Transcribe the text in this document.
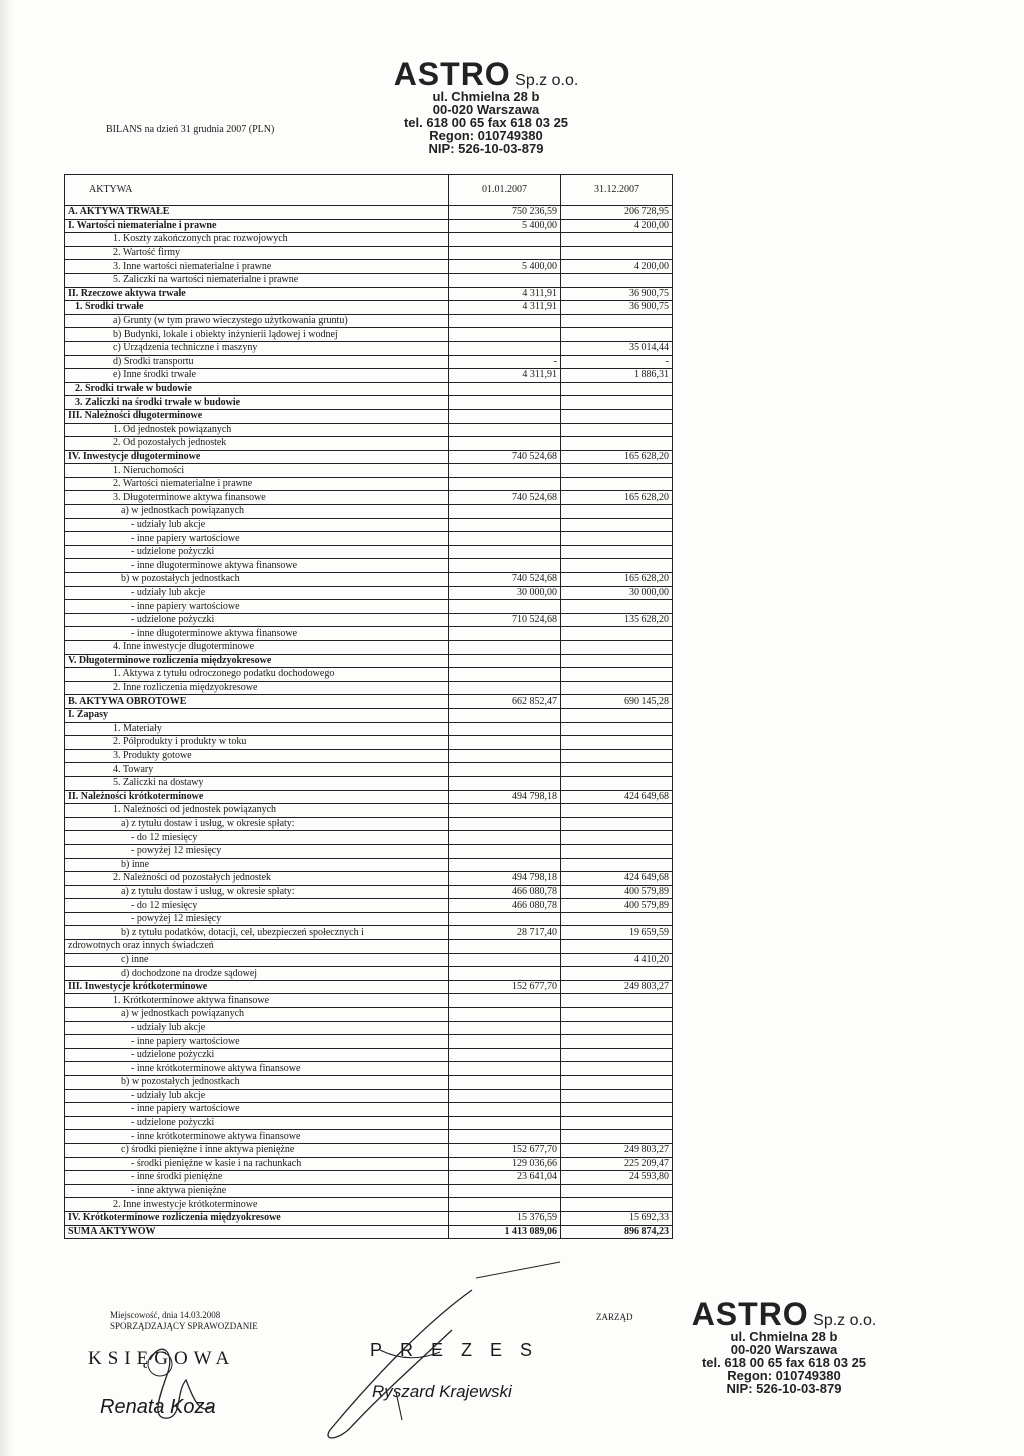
ASTRO Sp.z o.o.
ul. Chmielna 28 b
00-020 Warszawa
tel. 618 00 65 fax 618 03 25
Regon: 010749380
NIP: 526-10-03-879
BILANS na dzień 31 grudnia 2007 (PLN)
AKTYWA	01.01.2007	31.12.2007
A. AKTYWA TRWAŁE	750 236,59	206 728,95
I. Wartości niematerialne i prawne	5 400,00	4 200,00
1. Koszty zakończonych prac rozwojowych		
2. Wartość firmy		
3. Inne wartości niematerialne i prawne	5 400,00	4 200,00
5. Zaliczki na wartości niematerialne i prawne		
II. Rzeczowe aktywa trwałe	4 311,91	36 900,75
1. Środki trwałe	4 311,91	36 900,75
a) Grunty (w tym prawo wieczystego użytkowania gruntu)		
b) Budynki, lokale i obiekty inżynierii lądowej i wodnej		
c) Urządzenia techniczne i maszyny		35 014,44
d) Środki transportu	-	-
e) Inne środki trwałe	4 311,91	1 886,31
2. Środki trwałe w budowie		
3. Zaliczki na środki trwałe w budowie		
III. Należności długoterminowe		
1. Od jednostek powiązanych		
2. Od pozostałych jednostek		
IV. Inwestycje długoterminowe	740 524,68	165 628,20
1. Nieruchomości		
2. Wartości niematerialne i prawne		
3. Długoterminowe aktywa finansowe	740 524,68	165 628,20
a) w jednostkach powiązanych		
- udziały lub akcje		
- inne papiery wartościowe		
- udzielone pożyczki		
- inne długoterminowe aktywa finansowe		
b) w pozostałych jednostkach	740 524,68	165 628,20
- udziały lub akcje	30 000,00	30 000,00
- inne papiery wartościowe		
- udzielone pożyczki	710 524,68	135 628,20
- inne długoterminowe aktywa finansowe		
4. Inne inwestycje długoterminowe		
V. Długoterminowe rozliczenia międzyokresowe		
1. Aktywa z tytułu odroczonego podatku dochodowego		
2. Inne rozliczenia międzyokresowe		
B. AKTYWA OBROTOWE	662 852,47	690 145,28
I. Zapasy		
1. Materiały		
2. Półprodukty i produkty w toku		
3. Produkty gotowe		
4. Towary		
5. Zaliczki na dostawy		
II. Należności krótkoterminowe	494 798,18	424 649,68
1. Należności od jednostek powiązanych		
a) z tytułu dostaw i usług, w okresie spłaty:		
- do 12 miesięcy		
- powyżej 12 miesięcy		
b) inne		
2. Należności od pozostałych jednostek	494 798,18	424 649,68
a) z tytułu dostaw i usług, w okresie spłaty:	466 080,78	400 579,89
- do 12 miesięcy	466 080,78	400 579,89
- powyżej 12 miesięcy		
b) z tytułu podatków, dotacji, ceł, ubezpieczeń społecznych i	28 717,40	19 659,59
zdrowotnych oraz innych świadczeń		
c) inne		4 410,20
d) dochodzone na drodze sądowej		
III. Inwestycje krótkoterminowe	152 677,70	249 803,27
1. Krótkoterminowe aktywa finansowe		
a) w jednostkach powiązanych		
- udziały lub akcje		
- inne papiery wartościowe		
- udzielone pożyczki		
- inne krótkoterminowe aktywa finansowe		
b) w pozostałych jednostkach		
- udziały lub akcje		
- inne papiery wartościowe		
- udzielone pożyczki		
- inne krótkoterminowe aktywa finansowe		
c) środki pieniężne i inne aktywa pieniężne	152 677,70	249 803,27
- środki pieniężne w kasie i na rachunkach	129 036,66	225 209,47
- inne środki pieniężne	23 641,04	24 593,80
- inne aktywa pieniężne		
2. Inne inwestycje krótkoterminowe		
IV. Krótkoterminowe rozliczenia międzyokresowe	15 376,59	15 692,33
SUMA AKTYWÓW	1 413 089,06	896 874,23
Miejscowość, dnia 14.03.2008
SPORZĄDZAJĄCY SPRAWOZDANIE
ZARZĄD
KSIĘGOWA
Renata Koza
PREZES
Ryszard Krajewski
ASTRO Sp.z o.o.
ul. Chmielna 28 b
00-020 Warszawa
tel. 618 00 65 fax 618 03 25
Regon: 010749380
NIP: 526-10-03-879
